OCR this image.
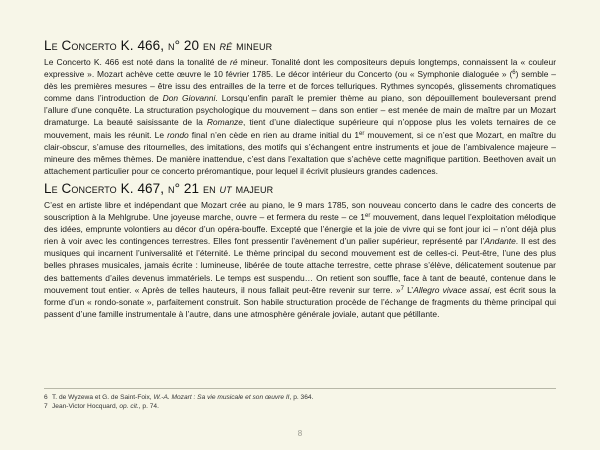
Le Concerto K. 466, n° 20 en ré mineur

Le Concerto K. 466 est noté dans la tonalité de ré mineur. Tonalité dont les compositeurs depuis longtemps, connaissent la « couleur expressive ». Mozart achève cette œuvre le 10 février 1785. Le décor intérieur du Concerto (ou « Symphonie dialoguée » ($^6$) semble – dès les premières mesures – être issu des entrailles de la terre et de forces telluriques. Rythmes syncopés, glissements chromatiques comme dans l’introduction de Don Giovanni. Lorsqu’enfin paraît le premier thème au piano, son dépouillement bouleversant prend l’allure d’une conquête. La structuration psychologique du mouvement – dans son entier – est menée de main de maître par un Mozart dramaturge. La beauté saisissante de la Romanze, tient d’une dialectique supérieure qui n’oppose plus les volets ternaires de ce mouvement, mais les réunit. Le rondo final n’en cède en rien au drame initial du 1er mouvement, si ce n’est que Mozart, en maître du clair-obscur, s’amuse des ritournelles, des imitations, des motifs qui s’échangent entre instruments et joue de l’ambivalence majeure – mineure des mêmes thèmes. De manière inattendue, c’est dans l’exaltation que s’achève cette magnifique partition. Beethoven avait un attachement particulier pour ce concerto préromantique, pour lequel il écrivit plusieurs grandes cadences.

Le Concerto K. 467, n° 21 en ut majeur

C’est en artiste libre et indépendant que Mozart crée au piano, le 9 mars 1785, son nouveau concerto dans le cadre des concerts de souscription à la Mehlgrube. Une joyeuse marche, ouvre – et fermera du reste – ce 1er mouvement, dans lequel l’exploitation mélodique des idées, emprunte volontiers au décor d’un opéra-bouffe. Excepté que l’énergie et la joie de vivre qui se font jour ici – n’ont déjà plus rien à voir avec les contingences terrestres. Elles font pressentir l’avènement d’un palier supérieur, représenté par l’Andante. Il est des musiques qui incarnent l’universalité et l’éternité. Le thème principal du second mouvement est de celles-ci. Peut-être, l’une des plus belles phrases musicales, jamais écrite : lumineuse, libérée de toute attache terrestre, cette phrase s’élève, délicatement soutenue par des battements d’ailes devenus immatériels. Le temps est suspendu… On retient son souffle, face à tant de beauté, contenue dans le mouvement tout entier. « Après de telles hauteurs, il nous fallait peut-être revenir sur terre. »$^7$ L’Allegro vivace assai, est écrit sous la forme d’un « rondo-sonate », parfaitement construit. Son habile structuration procède de l’échange de fragments du thème principal qui passent d’une famille instrumentale à l’autre, dans une atmosphère générale joviale, autant que pétillante.

6 T. de Wyzewa et G. de Saint-Foix, W.-A. Mozart : Sa vie musicale et son œuvre II, p. 364.
7 Jean-Victor Hocquard, op. cit., p. 74.
8
